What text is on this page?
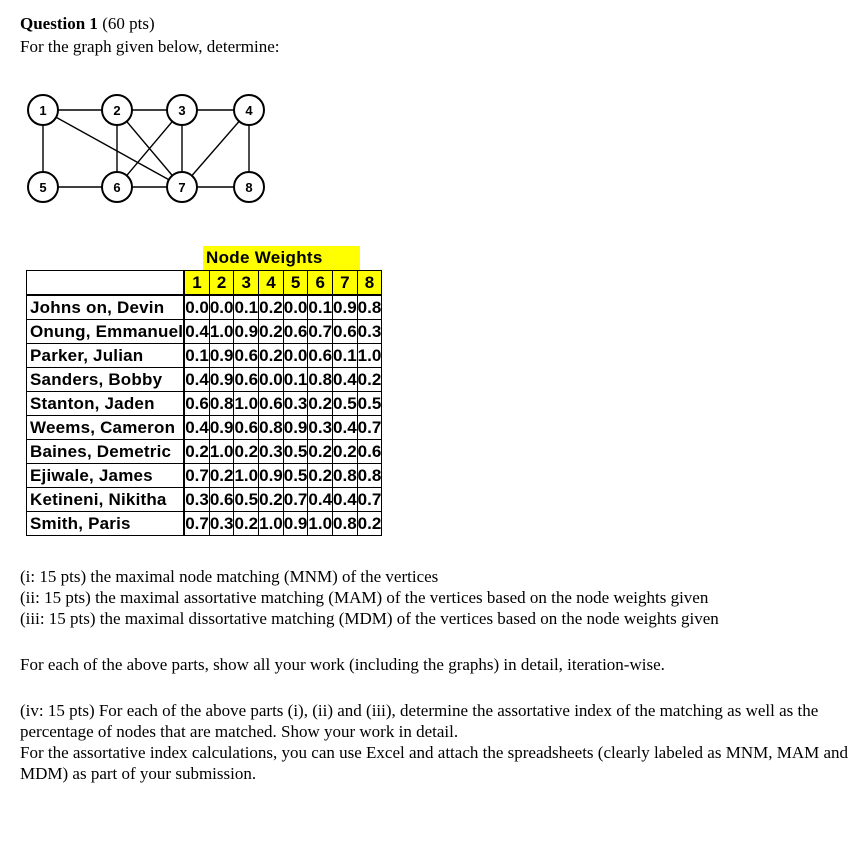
Question 1 (60 pts)
For the graph given below, determine:
1	2	3	4
5	6	7	8
Node Weights
	1	2	3	4	5	6	7	8
Johns on, Devin	0.0	0.0	0.1	0.2	0.0	0.1	0.9	0.8
Onung, Emmanuel	0.4	1.0	0.9	0.2	0.6	0.7	0.6	0.3
Parker, Julian	0.1	0.9	0.6	0.2	0.0	0.6	0.1	1.0
Sanders, Bobby	0.4	0.9	0.6	0.0	0.1	0.8	0.4	0.2
Stanton, Jaden	0.6	0.8	1.0	0.6	0.3	0.2	0.5	0.5
Weems, Cameron	0.4	0.9	0.6	0.8	0.9	0.3	0.4	0.7
Baines, Demetric	0.2	1.0	0.2	0.3	0.5	0.2	0.2	0.6
Ejiwale, James	0.7	0.2	1.0	0.9	0.5	0.2	0.8	0.8
Ketineni, Nikitha	0.3	0.6	0.5	0.2	0.7	0.4	0.4	0.7
Smith, Paris	0.7	0.3	0.2	1.0	0.9	1.0	0.8	0.2
(i: 15 pts) the maximal node matching (MNM) of the vertices
(ii: 15 pts) the maximal assortative matching (MAM) of the vertices based on the node weights given
(iii: 15 pts) the maximal dissortative matching (MDM) of the vertices based on the node weights given
For each of the above parts, show all your work (including the graphs) in detail, iteration-wise.
(iv: 15 pts) For each of the above parts (i), (ii) and (iii), determine the assortative index of the matching as well as the percentage of nodes that are matched. Show your work in detail.
For the assortative index calculations, you can use Excel and attach the spreadsheets (clearly labeled as MNM, MAM and MDM) as part of your submission.
